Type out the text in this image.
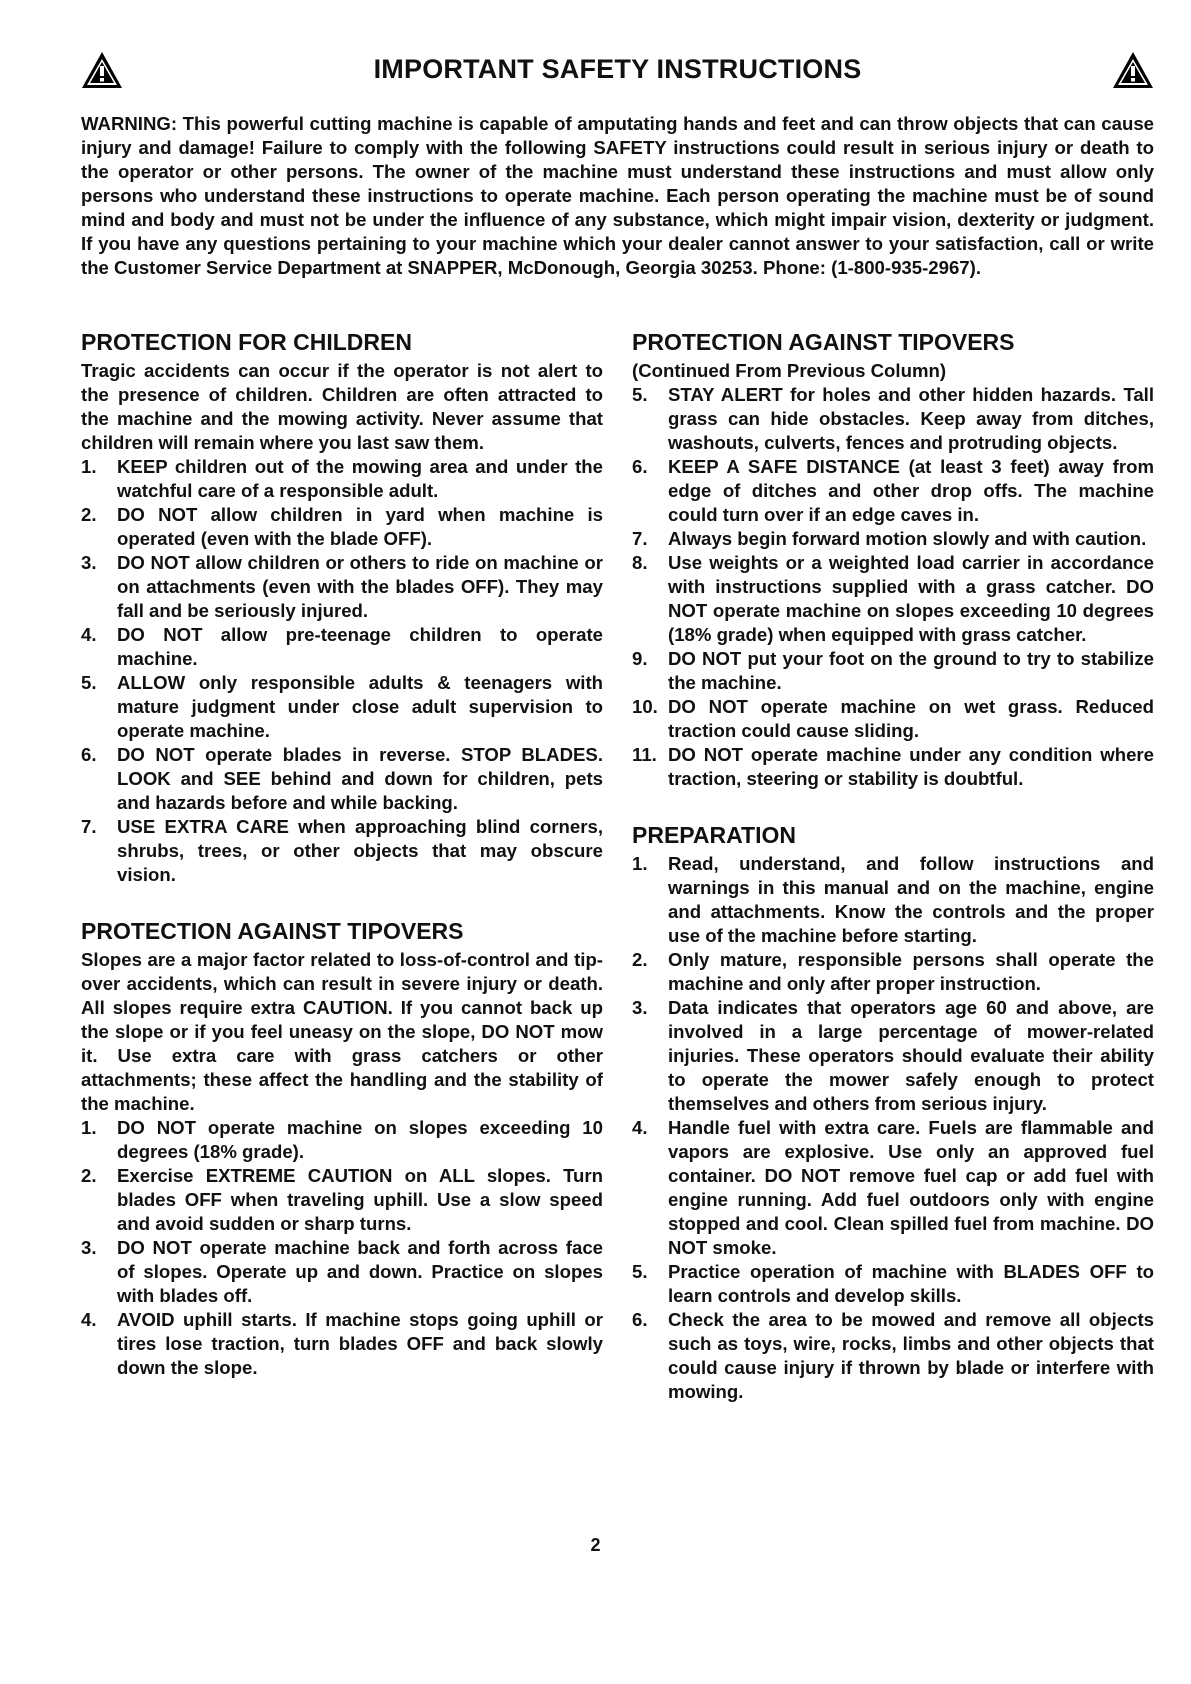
IMPORTANT SAFETY INSTRUCTIONS

WARNING: This powerful cutting machine is capable of amputating hands and feet and can throw objects that can cause injury and damage! Failure to comply with the following SAFETY instructions could result in serious injury or death to the operator or other persons. The owner of the machine must understand these instructions and must allow only persons who understand these instructions to operate machine. Each person operating the machine must be of sound mind and body and must not be under the influence of any substance, which might impair vision, dexterity or judgment. If you have any questions pertaining to your machine which your dealer cannot answer to your satisfaction, call or write the Customer Service Department at SNAPPER, McDonough, Georgia 30253. Phone: (1-800-935-2967).

PROTECTION FOR CHILDREN

Tragic accidents can occur if the operator is not alert to the presence of children. Children are often attracted to the machine and the mowing activity. Never assume that children will remain where you last saw them.

1. KEEP children out of the mowing area and under the watchful care of a responsible adult.
2. DO NOT allow children in yard when machine is operated (even with the blade OFF).
3. DO NOT allow children or others to ride on machine or on attachments (even with the blades OFF). They may fall and be seriously injured.
4. DO NOT allow pre-teenage children to operate machine.
5. ALLOW only responsible adults & teenagers with mature judgment under close adult supervision to operate machine.
6. DO NOT operate blades in reverse. STOP BLADES. LOOK and SEE behind and down for children, pets and hazards before and while backing.
7. USE EXTRA CARE when approaching blind corners, shrubs, trees, or other objects that may obscure vision.
PROTECTION AGAINST TIPOVERS

Slopes are a major factor related to loss-of-control and tip-over accidents, which can result in severe injury or death. All slopes require extra CAUTION. If you cannot back up the slope or if you feel uneasy on the slope, DO NOT mow it. Use extra care with grass catchers or other attachments; these affect the handling and the stability of the machine.

1. DO NOT operate machine on slopes exceeding 10 degrees (18% grade).
2. Exercise EXTREME CAUTION on ALL slopes. Turn blades OFF when traveling uphill. Use a slow speed and avoid sudden or sharp turns.
3. DO NOT operate machine back and forth across face of slopes. Operate up and down. Practice on slopes with blades off.
4. AVOID uphill starts. If machine stops going uphill or tires lose traction, turn blades OFF and back slowly down the slope.
PROTECTION AGAINST TIPOVERS

(Continued From Previous Column)

5. STAY ALERT for holes and other hidden hazards. Tall grass can hide obstacles. Keep away from ditches, washouts, culverts, fences and protruding objects.
6. KEEP A SAFE DISTANCE (at least 3 feet) away from edge of ditches and other drop offs. The machine could turn over if an edge caves in.
7. Always begin forward motion slowly and with caution.
8. Use weights or a weighted load carrier in accordance with instructions supplied with a grass catcher. DO NOT operate machine on slopes exceeding 10 degrees (18% grade) when equipped with grass catcher.
9. DO NOT put your foot on the ground to try to stabilize the machine.
10. DO NOT operate machine on wet grass. Reduced traction could cause sliding.
11. DO NOT operate machine under any condition where traction, steering or stability is doubtful.
PREPARATION
1. Read, understand, and follow instructions and warnings in this manual and on the machine, engine and attachments. Know the controls and the proper use of the machine before starting.
2. Only mature, responsible persons shall operate the machine and only after proper instruction.
3. Data indicates that operators age 60 and above, are involved in a large percentage of mower-related injuries. These operators should evaluate their ability to operate the mower safely enough to protect themselves and others from serious injury.
4. Handle fuel with extra care. Fuels are flammable and vapors are explosive. Use only an approved fuel container. DO NOT remove fuel cap or add fuel with engine running. Add fuel outdoors only with engine stopped and cool. Clean spilled fuel from machine. DO NOT smoke.
5. Practice operation of machine with BLADES OFF to learn controls and develop skills.
6. Check the area to be mowed and remove all objects such as toys, wire, rocks, limbs and other objects that could cause injury if thrown by blade or interfere with mowing.
2
